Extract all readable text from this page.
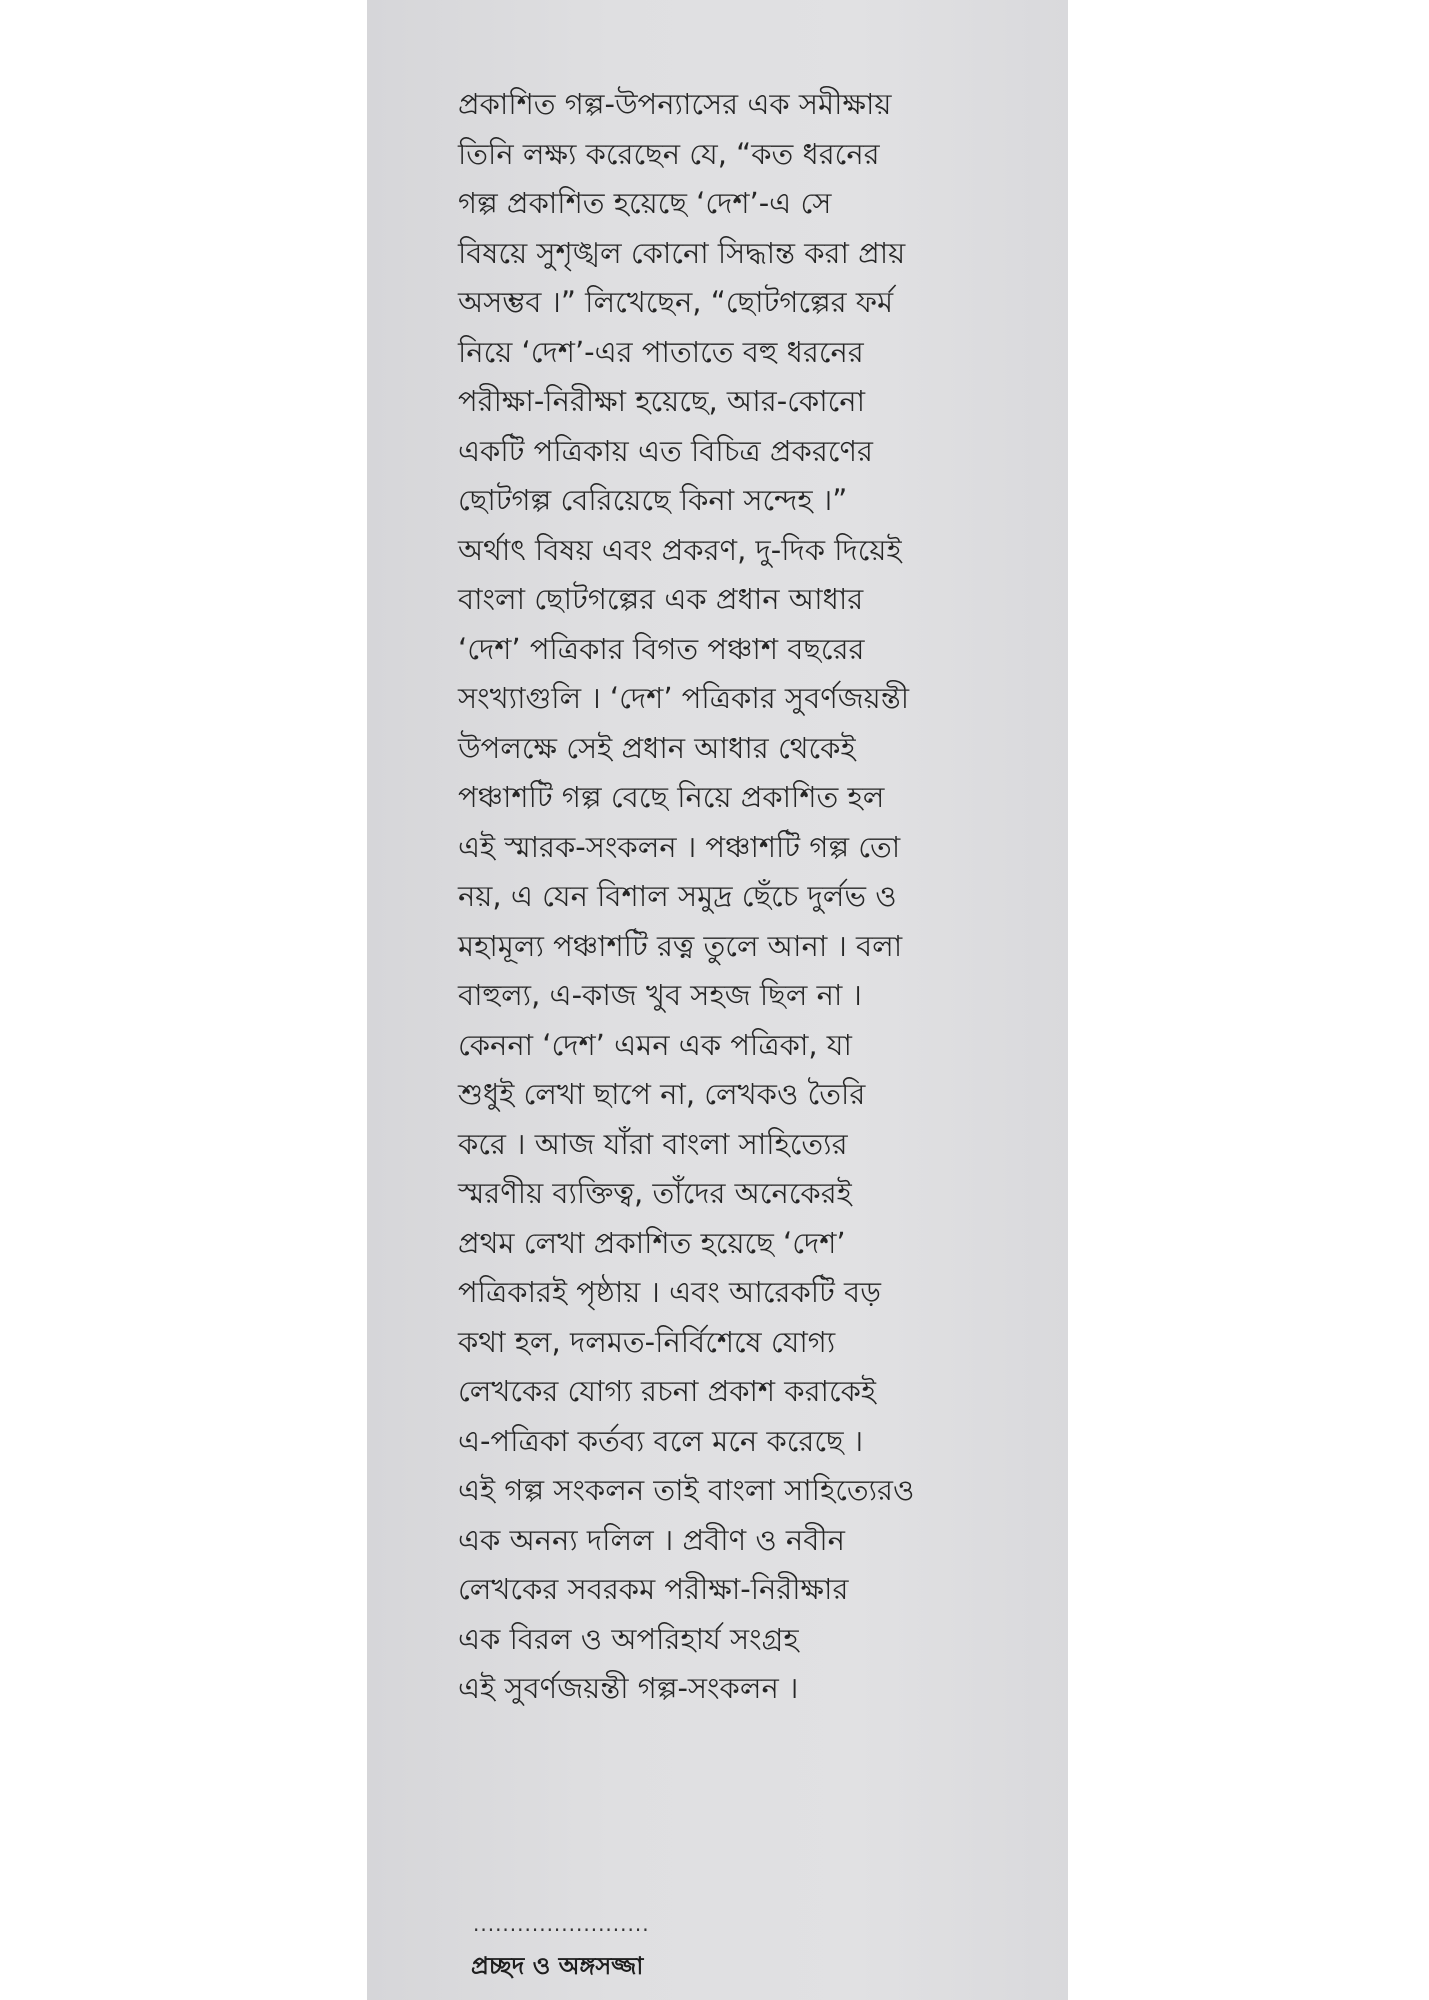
প্রকাশিত গল্প-উপন্যাসের এক সমীক্ষায়
তিনি লক্ষ্য করেছেন যে, “কত ধরনের
গল্প প্রকাশিত হয়েছে ‘দেশ’-এ সে
বিষয়ে সুশৃঙ্খল কোনো সিদ্ধান্ত করা প্রায়
অসম্ভব ।” লিখেছেন, “ছোটগল্পের ফর্ম
নিয়ে ‘দেশ’-এর পাতাতে বহু ধরনের
পরীক্ষা-নিরীক্ষা হয়েছে, আর-কোনো
একটি পত্রিকায় এত বিচিত্র প্রকরণের
ছোটগল্প বেরিয়েছে কিনা সন্দেহ ।”
অর্থাৎ বিষয় এবং প্রকরণ, দু-দিক দিয়েই
বাংলা ছোটগল্পের এক প্রধান আধার
‘দেশ’ পত্রিকার বিগত পঞ্চাশ বছরের
সংখ্যাগুলি । ‘দেশ’ পত্রিকার সুবর্ণজয়ন্তী
উপলক্ষে সেই প্রধান আধার থেকেই
পঞ্চাশটি গল্প বেছে নিয়ে প্রকাশিত হল
এই স্মারক-সংকলন । পঞ্চাশটি গল্প তো
নয়, এ যেন বিশাল সমুদ্র ছেঁচে দুর্লভ ও
মহামূল্য পঞ্চাশটি রত্ন তুলে আনা । বলা
বাহুল্য, এ-কাজ খুব সহজ ছিল না ।
কেননা ‘দেশ’ এমন এক পত্রিকা, যা
শুধুই লেখা ছাপে না, লেখকও তৈরি
করে । আজ যাঁরা বাংলা সাহিত্যের
স্মরণীয় ব্যক্তিত্ব, তাঁদের অনেকেরই
প্রথম লেখা প্রকাশিত হয়েছে ‘দেশ’
পত্রিকারই পৃষ্ঠায় । এবং আরেকটি বড়
কথা হল, দলমত-নির্বিশেষে যোগ্য
লেখকের যোগ্য রচনা প্রকাশ করাকেই
এ-পত্রিকা কর্তব্য বলে মনে করেছে ।
এই গল্প সংকলন তাই বাংলা সাহিত্যেরও
এক অনন্য দলিল । প্রবীণ ও নবীন
লেখকের সবরকম পরীক্ষা-নিরীক্ষার
এক বিরল ও অপরিহার্য সংগ্রহ
এই সুবর্ণজয়ন্তী গল্প-সংকলন ।
........................
প্রচ্ছদ ও অঙ্গসজ্জা
